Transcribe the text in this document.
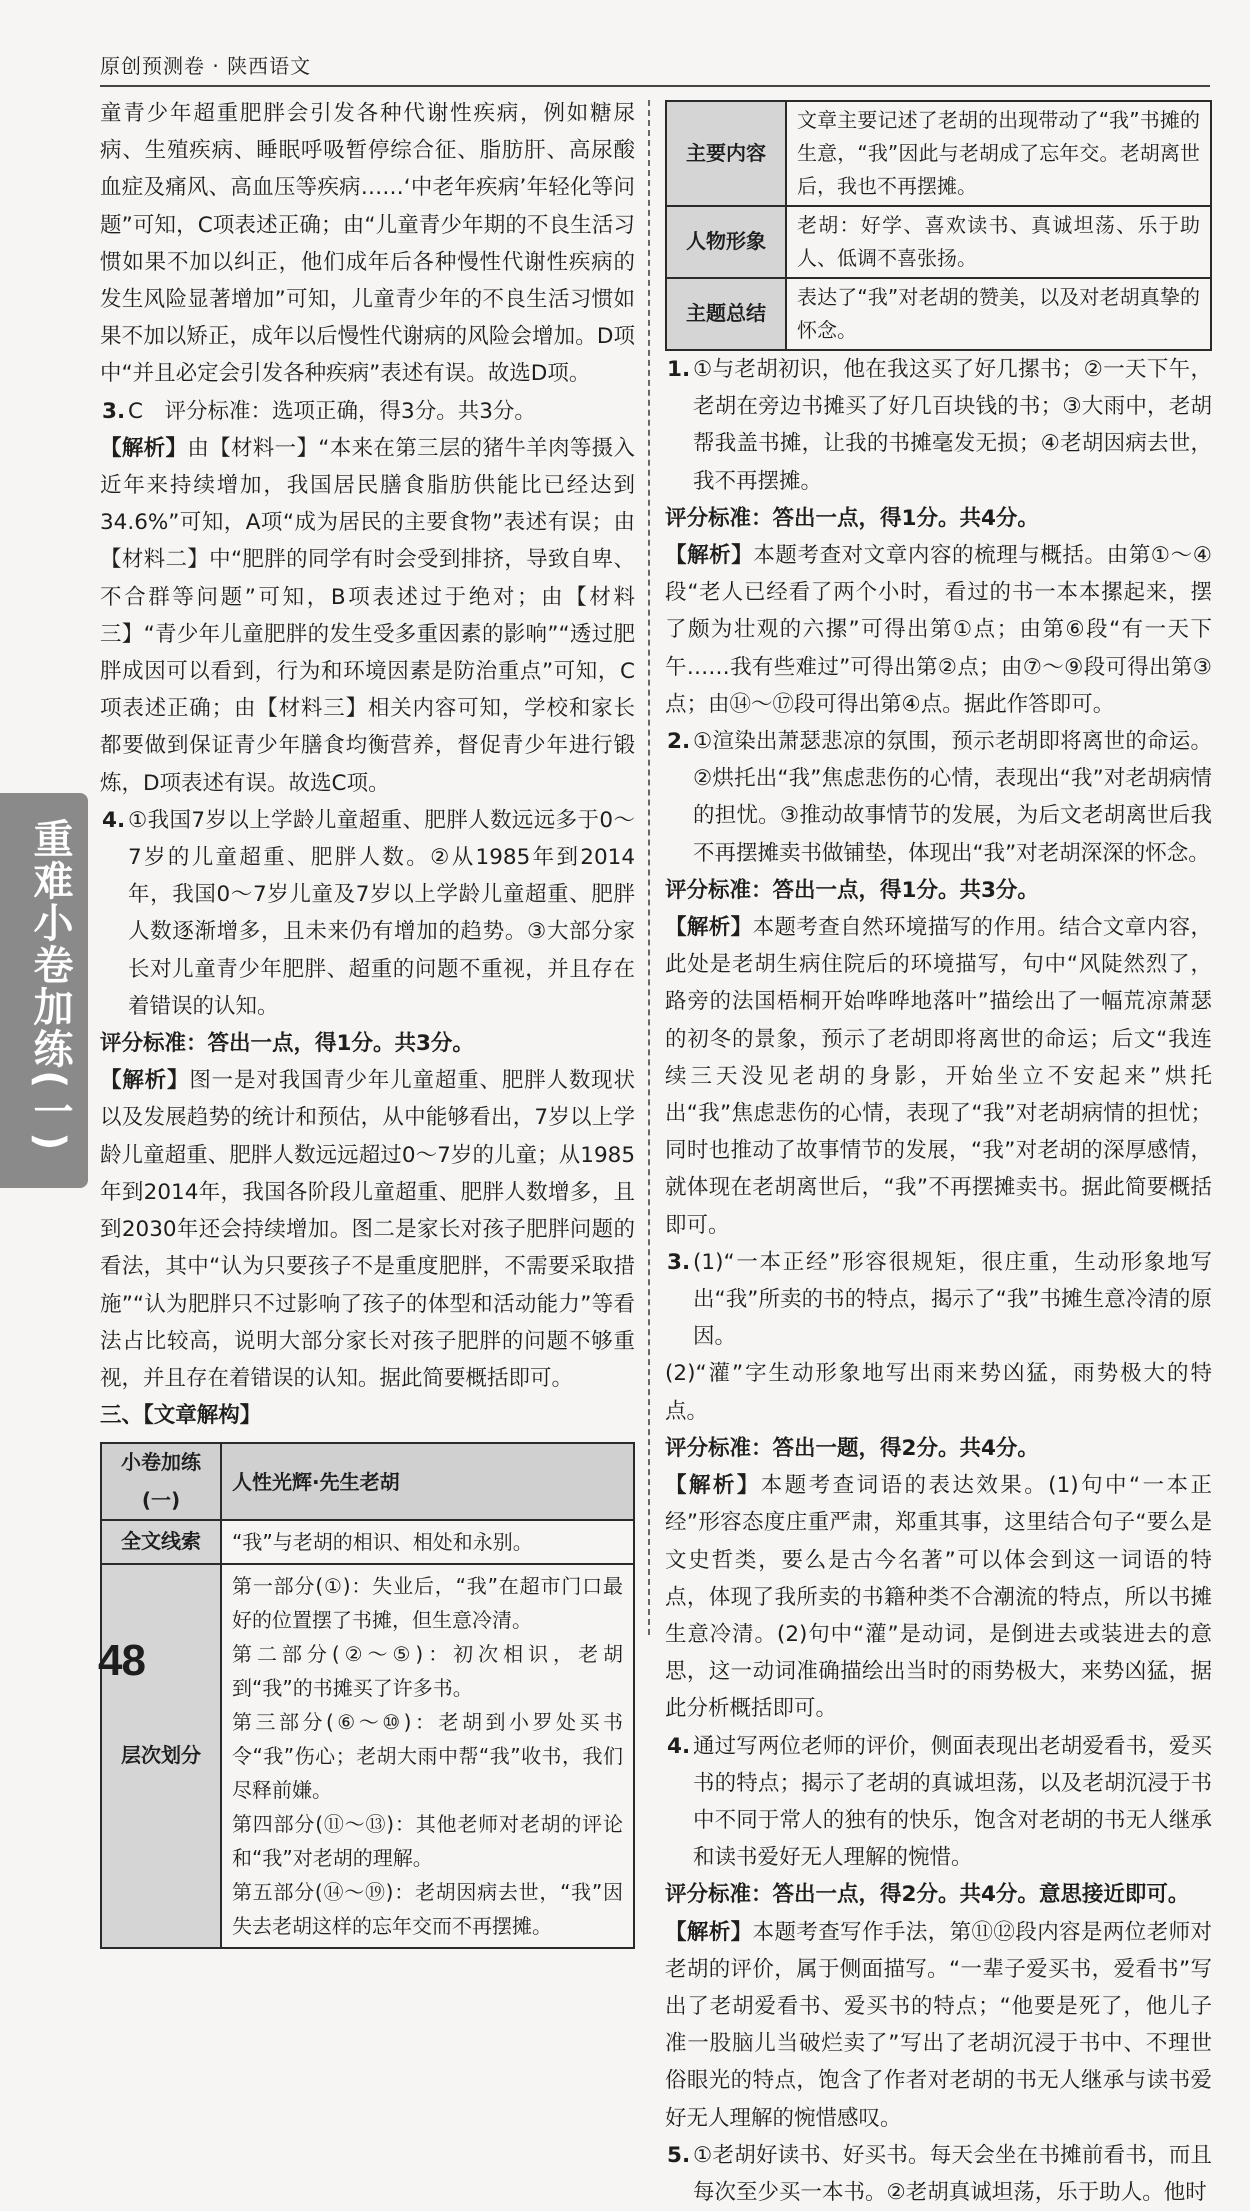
原创预测卷 · 陕西语文
重难小卷加练(一)

童青少年超重肥胖会引发各种代谢性疾病，例如糖尿病、生殖疾病、睡眠呼吸暂停综合征、脂肪肝、高尿酸血症及痛风、高血压等疾病……‘中老年疾病’年轻化等问题”可知，C项表述正确；由“儿童青少年期的不良生活习惯如果不加以纠正，他们成年后各种慢性代谢性疾病的发生风险显著增加”可知，儿童青少年的不良生活习惯如果不加以矫正，成年以后慢性代谢病的风险会增加。D项中“并且必定会引发各种疾病”表述有误。故选D项。

3. C　评分标准：选项正确，得3分。共3分。

【解析】由【材料一】“本来在第三层的猪牛羊肉等摄入近年来持续增加，我国居民膳食脂肪供能比已经达到34.6%”可知，A项“成为居民的主要食物”表述有误；由【材料二】中“肥胖的同学有时会受到排挤，导致自卑、不合群等问题”可知，B项表述过于绝对；由【材料三】“青少年儿童肥胖的发生受多重因素的影响”“透过肥胖成因可以看到，行为和环境因素是防治重点”可知，C项表述正确；由【材料三】相关内容可知，学校和家长都要做到保证青少年膳食均衡营养，督促青少年进行锻炼，D项表述有误。故选C项。

4. ①我国7岁以上学龄儿童超重、肥胖人数远远多于0～7岁的儿童超重、肥胖人数。②从1985年到2014年，我国0～7岁儿童及7岁以上学龄儿童超重、肥胖人数逐渐增多，且未来仍有增加的趋势。③大部分家长对儿童青少年肥胖、超重的问题不重视，并且存在着错误的认知。

评分标准：答出一点，得1分。共3分。

【解析】图一是对我国青少年儿童超重、肥胖人数现状以及发展趋势的统计和预估，从中能够看出，7岁以上学龄儿童超重、肥胖人数远远超过0～7岁的儿童；从1985年到2014年，我国各阶段儿童超重、肥胖人数增多，且到2030年还会持续增加。图二是家长对孩子肥胖问题的看法，其中“认为只要孩子不是重度肥胖，不需要采取措施”“认为肥胖只不过影响了孩子的体型和活动能力”等看法占比较高，说明大部分家长对孩子肥胖的问题不够重视，并且存在着错误的认知。据此简要概括即可。

三、【文章解构】

小卷加练(一)	人性光辉·先生老胡
全文线索	“我”与老胡的相识、相处和永别。
层次划分	第一部分(①)：失业后，“我”在超市门口最好的位置摆了书摊，但生意冷清。
第二部分(②～⑤)：初次相识，老胡到“我”的书摊买了许多书。
第三部分(⑥～⑩)：老胡到小罗处买书令“我”伤心；老胡大雨中帮“我”收书，我们尽释前嫌。
第四部分(⑪～⑬)：其他老师对老胡的评论和“我”对老胡的理解。
第五部分(⑭～⑲)：老胡因病去世，“我”因失去老胡这样的忘年交而不再摆摊。
主要内容	文章主要记述了老胡的出现带动了“我”书摊的生意，“我”因此与老胡成了忘年交。老胡离世后，我也不再摆摊。
人物形象	老胡：好学、喜欢读书、真诚坦荡、乐于助人、低调不喜张扬。
主题总结	表达了“我”对老胡的赞美，以及对老胡真挚的怀念。
1. ①与老胡初识，他在我这买了好几摞书；②一天下午，老胡在旁边书摊买了好几百块钱的书；③大雨中，老胡帮我盖书摊，让我的书摊毫发无损；④老胡因病去世，我不再摆摊。

评分标准：答出一点，得1分。共4分。

【解析】本题考查对文章内容的梳理与概括。由第①～④段“老人已经看了两个小时，看过的书一本本摞起来，摆了颇为壮观的六摞”可得出第①点；由第⑥段“有一天下午……我有些难过”可得出第②点；由⑦～⑨段可得出第③点；由⑭～⑰段可得出第④点。据此作答即可。

2. ①渲染出萧瑟悲凉的氛围，预示老胡即将离世的命运。②烘托出“我”焦虑悲伤的心情，表现出“我”对老胡病情的担忧。③推动故事情节的发展，为后文老胡离世后我不再摆摊卖书做铺垫，体现出“我”对老胡深深的怀念。

评分标准：答出一点，得1分。共3分。

【解析】本题考查自然环境描写的作用。结合文章内容，此处是老胡生病住院后的环境描写，句中“风陡然烈了，路旁的法国梧桐开始哗哗地落叶”描绘出了一幅荒凉萧瑟的初冬的景象，预示了老胡即将离世的命运；后文“我连续三天没见老胡的身影，开始坐立不安起来”烘托出“我”焦虑悲伤的心情，表现了“我”对老胡病情的担忧；同时也推动了故事情节的发展，“我”对老胡的深厚感情，就体现在老胡离世后，“我”不再摆摊卖书。据此简要概括即可。

3. (1)“一本正经”形容很规矩，很庄重，生动形象地写出“我”所卖的书的特点，揭示了“我”书摊生意冷清的原因。

(2)“灌”字生动形象地写出雨来势凶猛，雨势极大的特点。

评分标准：答出一题，得2分。共4分。

【解析】本题考查词语的表达效果。(1)句中“一本正经”形容态度庄重严肃，郑重其事，这里结合句子“要么是文史哲类，要么是古今名著”可以体会到这一词语的特点，体现了我所卖的书籍种类不合潮流的特点，所以书摊生意冷清。(2)句中“灌”是动词，是倒进去或装进去的意思，这一动词准确描绘出当时的雨势极大，来势凶猛，据此分析概括即可。

4. 通过写两位老师的评价，侧面表现出老胡爱看书，爱买书的特点；揭示了老胡的真诚坦荡，以及老胡沉浸于书中不同于常人的独有的快乐，饱含对老胡的书无人继承和读书爱好无人理解的惋惜。

评分标准：答出一点，得2分。共4分。意思接近即可。

【解析】本题考查写作手法，第⑪⑫段内容是两位老师对老胡的评价，属于侧面描写。“一辈子爱买书，爱看书”写出了老胡爱看书、爱买书的特点；“他要是死了，他儿子准一股脑儿当破烂卖了”写出了老胡沉浸于书中、不理世俗眼光的特点，饱含了作者对老胡的书无人继承与读书爱好无人理解的惋惜感叹。

5. ①老胡好读书、好买书。每天会坐在书摊前看书，而且每次至少买一本书。②老胡真诚坦荡，乐于助人。他时
48
